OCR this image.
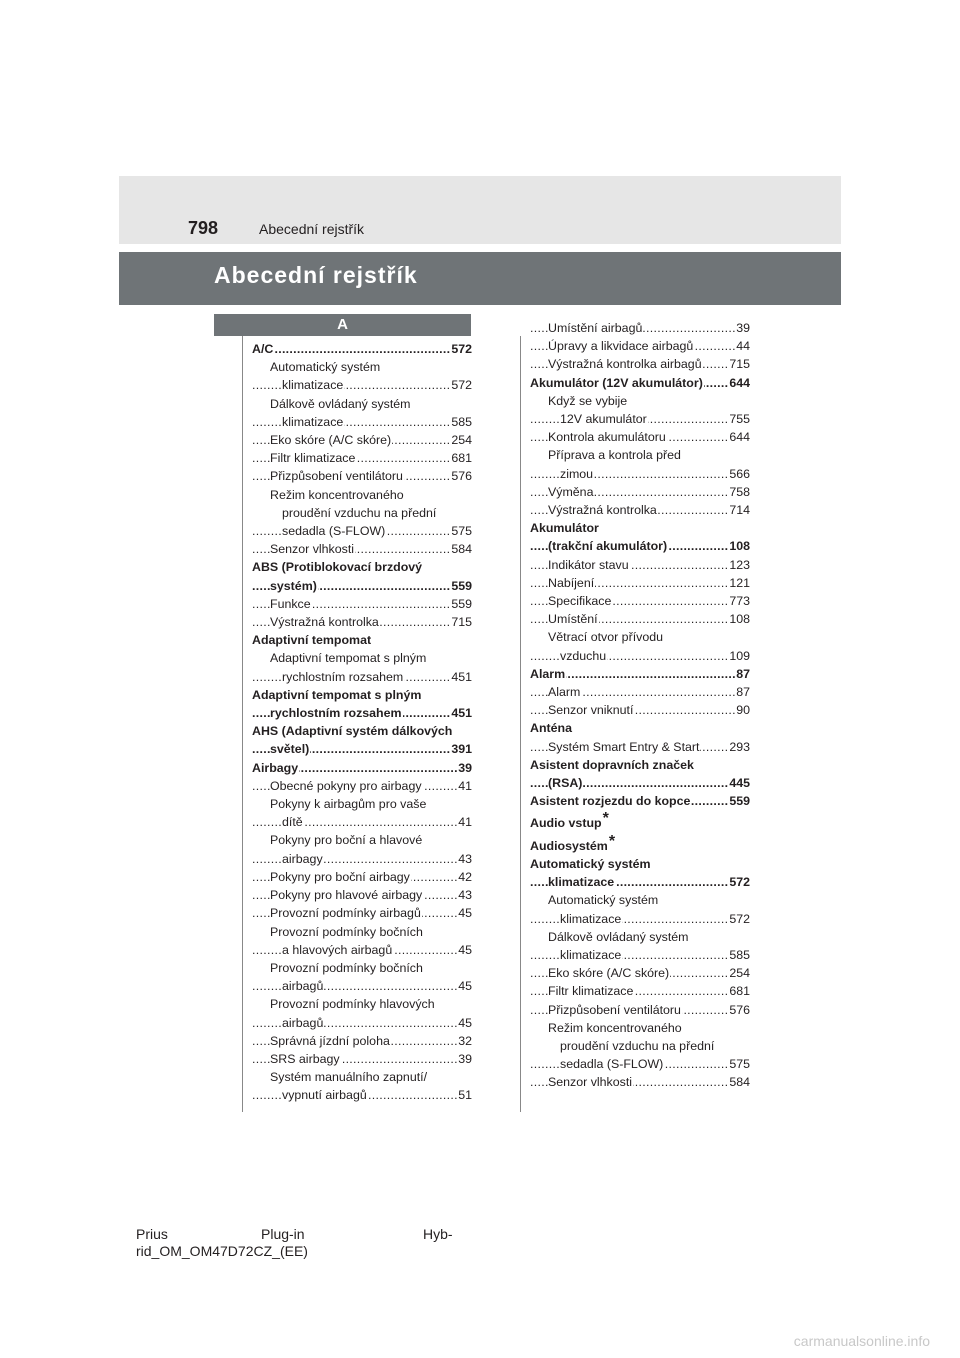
798	Abecední rejstřík
Abecední rejstřík
A
A/C	572
.....
Automatický systém
klimatizace	572
.....
Dálkově ovládaný systém
klimatizace	585
.....
Eko skóre (A/C skóre)	254
.....
Filtr klimatizace	681
.....
Přizpůsobení ventilátoru	576
.....
Režim koncentrovaného
proudění vzduchu na přední
sedadla (S-FLOW)	575
.....
Senzor vlhkosti	584
.....
ABS (Protiblokovací brzdový
systém)	559
.....
Funkce	559
.....
Výstražná kontrolka	715
.....
Adaptivní tempomat
Adaptivní tempomat s plným
rychlostním rozsahem	451
.....
Adaptivní tempomat s plným
rychlostním rozsahem	451
.....
AHS (Adaptivní systém dálkových
světel)	391
.....
Airbagy	39
.....
Obecné pokyny pro airbagy	41
.....
Pokyny k airbagům pro vaše
dítě	41
.....
Pokyny pro boční a hlavové
airbagy	43
.....
Pokyny pro boční airbagy	42
.....
Pokyny pro hlavové airbagy	43
.....
Provozní podmínky airbagů	45
.....
Provozní podmínky bočních
a hlavových airbagů	45
.....
Provozní podmínky bočních
airbagů	45
.....
Provozní podmínky hlavových
airbagů	45
.....
Správná jízdní poloha	32
.....
SRS airbagy	39
.....
Systém manuálního zapnutí/
vypnutí airbagů	51
.....
Umístění airbagů	39
.....
Úpravy a likvidace airbagů	44
.....
Výstražná kontrolka airbagů 715
.....
Akumulátor (12V akumulátor) 644
.....
Když se vybije
12V akumulátor	755
.....
Kontrola akumulátoru	644
.....
Příprava a kontrola před
zimou	566
.....
Výměna	758
.....
Výstražná kontrolka	714
.....
Akumulátor
(trakční akumulátor)	108
.....
Indikátor stavu	123
.....
Nabíjení	121
.....
Specifikace	773
.....
Umístění	108
.....
Větrací otvor přívodu
vzduchu	109
.....
Alarm	87
.....
Alarm	87
.....
Senzor vniknutí	90
.....
Anténa
Systém Smart Entry & Start 293
.....
Asistent dopravních značek
(RSA)	445
.....
Asistent rozjezdu do kopce	559
.....
Audio vstup*
Audiosystém*
Automatický systém
klimatizace	572
.....
Automatický systém
klimatizace	572
.....
Dálkově ovládaný systém
klimatizace	585
.....
Eko skóre (A/C skóre)	254
.....
Filtr klimatizace	681
.....
Přizpůsobení ventilátoru	576
.....
Režim koncentrovaného
proudění vzduchu na přední
sedadla (S-FLOW)	575
.....
Senzor vlhkosti	584
.....
Prius	Plug-in	Hyb-
rid_OM_OM47D72CZ_(EE)
carmanualsonline.info
